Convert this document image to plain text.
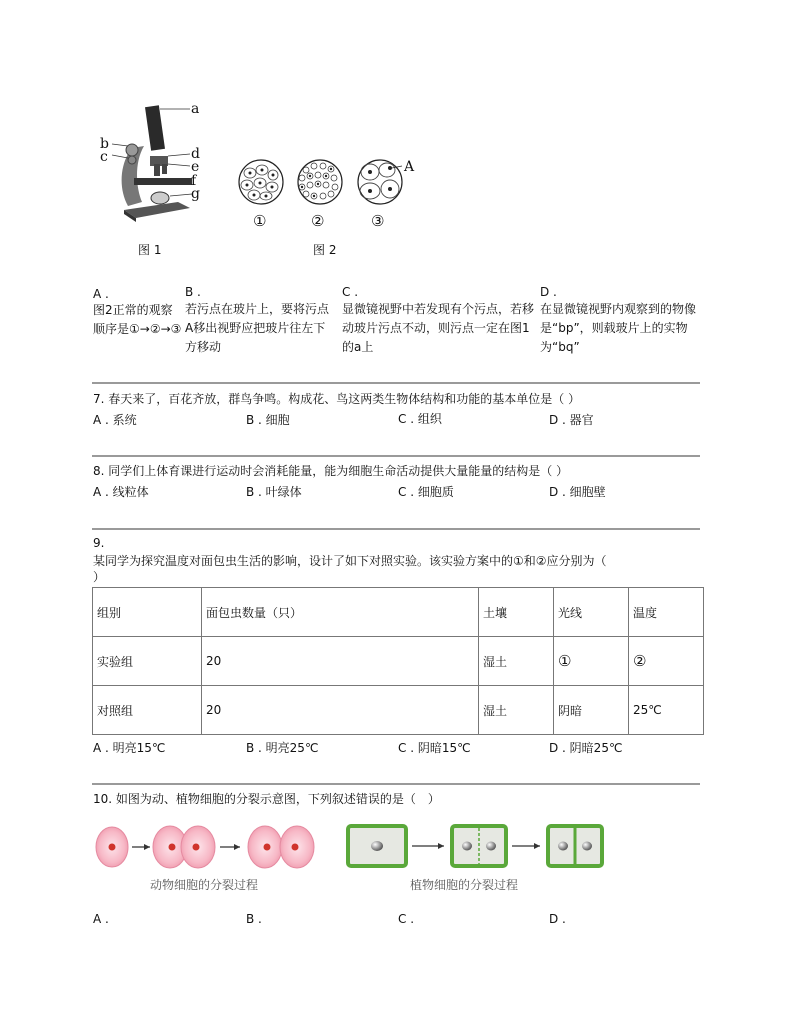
a
b
c	d
e
f
g
图 1
A
①	②	③
图 2
A .
图2正常的观察顺序是①→②→③
B .
若污点在玻片上，要将污点A移出视野应把玻片往左下方移动
C .
显微镜视野中若发现有个污点，若移动玻片污点不动，则污点一定在图1的a上
D .
在显微镜视野内观察到的物像是“bp”，则载玻片上的实物为“bq”
7. 春天来了，百花齐放，群鸟争鸣。构成花、鸟这两类生物体结构和功能的基本单位是（ ）
A . 系统	B . 细胞	C . 组织	D . 器官
8. 同学们上体育课进行运动时会消耗能量，能为细胞生命活动提供大量能量的结构是（ ）
A . 线粒体	B . 叶绿体	C . 细胞质	D . 细胞壁
9.
某同学为探究温度对面包虫生活的影响，设计了如下对照实验。该实验方案中的①和②应分别为（
）
组别	面包虫数量（只）	土壤	光线	温度
实验组	20	湿土	①	②
对照组	20	湿土	阴暗	25℃
A . 明亮15℃	B . 明亮25℃	C . 阴暗15℃	D . 阴暗25℃
10. 如图为动、植物细胞的分裂示意图，下列叙述错误的是（　）
动物细胞的分裂过程	植物细胞的分裂过程
A .	B .	C .	D .
